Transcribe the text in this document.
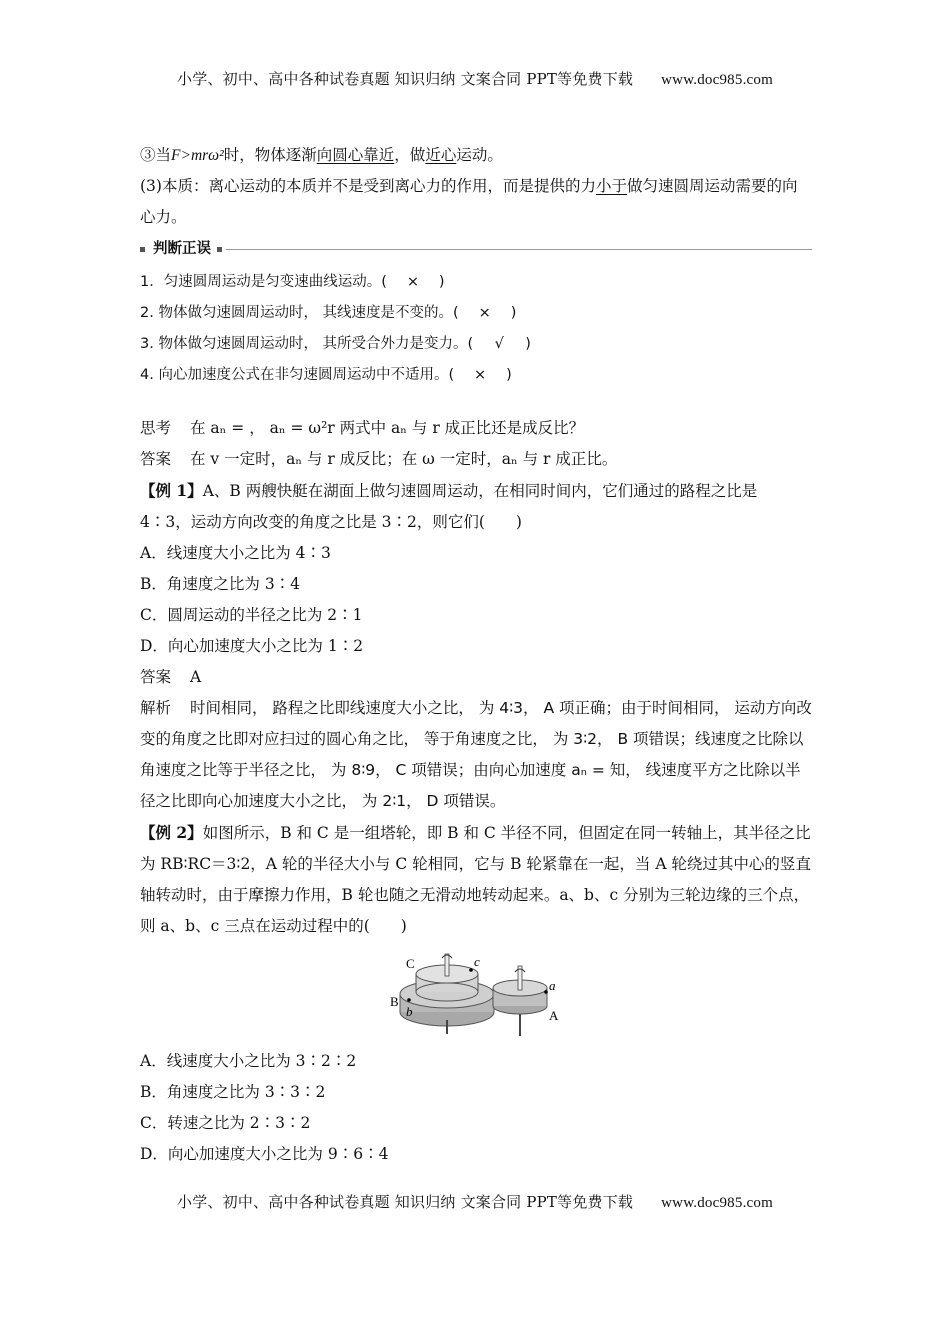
小学、初中、高中各种试卷真题 知识归纳 文案合同 PPT等免费下载 www.doc985.com

③当F>mrω²时，物体逐渐向圆心靠近，做近心运动。

(3)本质：离心运动的本质并不是受到离心力的作用，而是提供的力小于做匀速圆周运动需要的向心力。

判断正误

1．匀速圆周运动是匀变速曲线运动。( × )

2. 物体做匀速圆周运动时， 其线速度是不变的。( × )

3. 物体做匀速圆周运动时， 其所受合外力是变力。( √ )

4. 向心加速度公式在非匀速圆周运动中不适用。( × )

思考 在 aₙ = ， aₙ = ω²r 两式中 aₙ 与 r 成正比还是成反比？

答案 在 v 一定时，aₙ 与 r 成反比；在 ω 一定时，aₙ 与 r 成正比。

【例 1】A、B 两艘快艇在湖面上做匀速圆周运动，在相同时间内，它们通过的路程之比是 4∶3，运动方向改变的角度之比是 3∶2，则它们(　　)

A．线速度大小之比为 4∶3

B．角速度之比为 3∶4

C．圆周运动的半径之比为 2∶1

D．向心加速度大小之比为 1∶2

答案 A

解析 时间相同， 路程之比即线速度大小之比， 为 4∶3， A 项正确；由于时间相同， 运动方向改变的角度之比即对应扫过的圆心角之比， 等于角速度之比， 为 3∶2， B 项错误；线速度之比除以角速度之比等于半径之比， 为 8∶9， C 项错误；由向心加速度 aₙ = 知， 线速度平方之比除以半径之比即向心加速度大小之比， 为 2∶1， D 项错误。

【例 2】如图所示，B 和 C 是一组塔轮，即 B 和 C 半径不同，但固定在同一转轴上，其半径之比为 RB∶RC＝3∶2，A 轮的半径大小与 C 轮相同，它与 B 轮紧靠在一起，当 A 轮绕过其中心的竖直轴转动时，由于摩擦力作用，B 轮也随之无滑动地转动起来。a、b、c 分别为三轮边缘的三个点，则 a、b、c 三点在运动过程中的(　　)

C	c
B
b
a
A

A．线速度大小之比为 3∶2∶2

B．角速度之比为 3∶3∶2

C．转速之比为 2∶3∶2

D．向心加速度大小之比为 9∶6∶4

小学、初中、高中各种试卷真题 知识归纳 文案合同 PPT等免费下载 www.doc985.com
